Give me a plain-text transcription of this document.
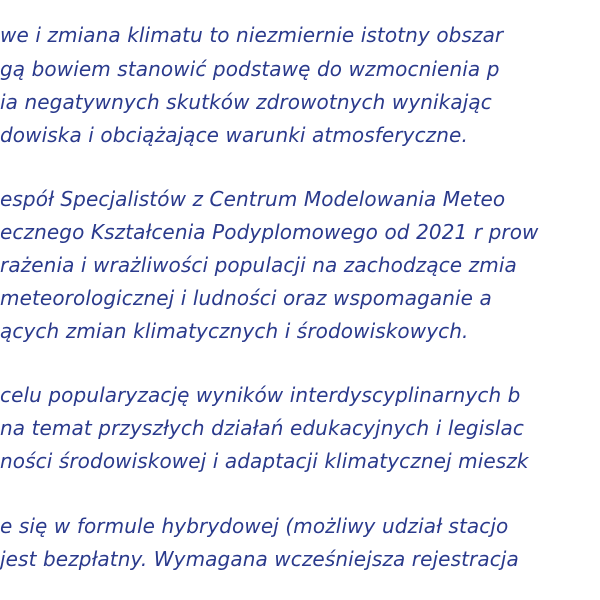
we i zmiana klimatu to niezmiernie istotny obszar
gą bowiem stanowić podstawę do wzmocnienia p
ia negatywnych skutków zdrowotnych wynikając
dowiska i obciążające warunki atmosferyczne.
espół Specjalistów z Centrum Modelowania Meteo
ecznego Kształcenia Podyplomowego od 2021 r prow
rażenia i wrażliwości populacji na zachodzące zmia
meteorologicznej i ludności oraz wspomaganie a
ących zmian klimatycznych i środowiskowych.
celu popularyzację wyników interdyscyplinarnych b
na temat przyszłych działań edukacyjnych i legislac
ności środowiskowej i adaptacji klimatycznej mieszk
e się w formule hybrydowej (możliwy udział stacjo
jest bezpłatny. Wymagana wcześniejsza rejestracja
